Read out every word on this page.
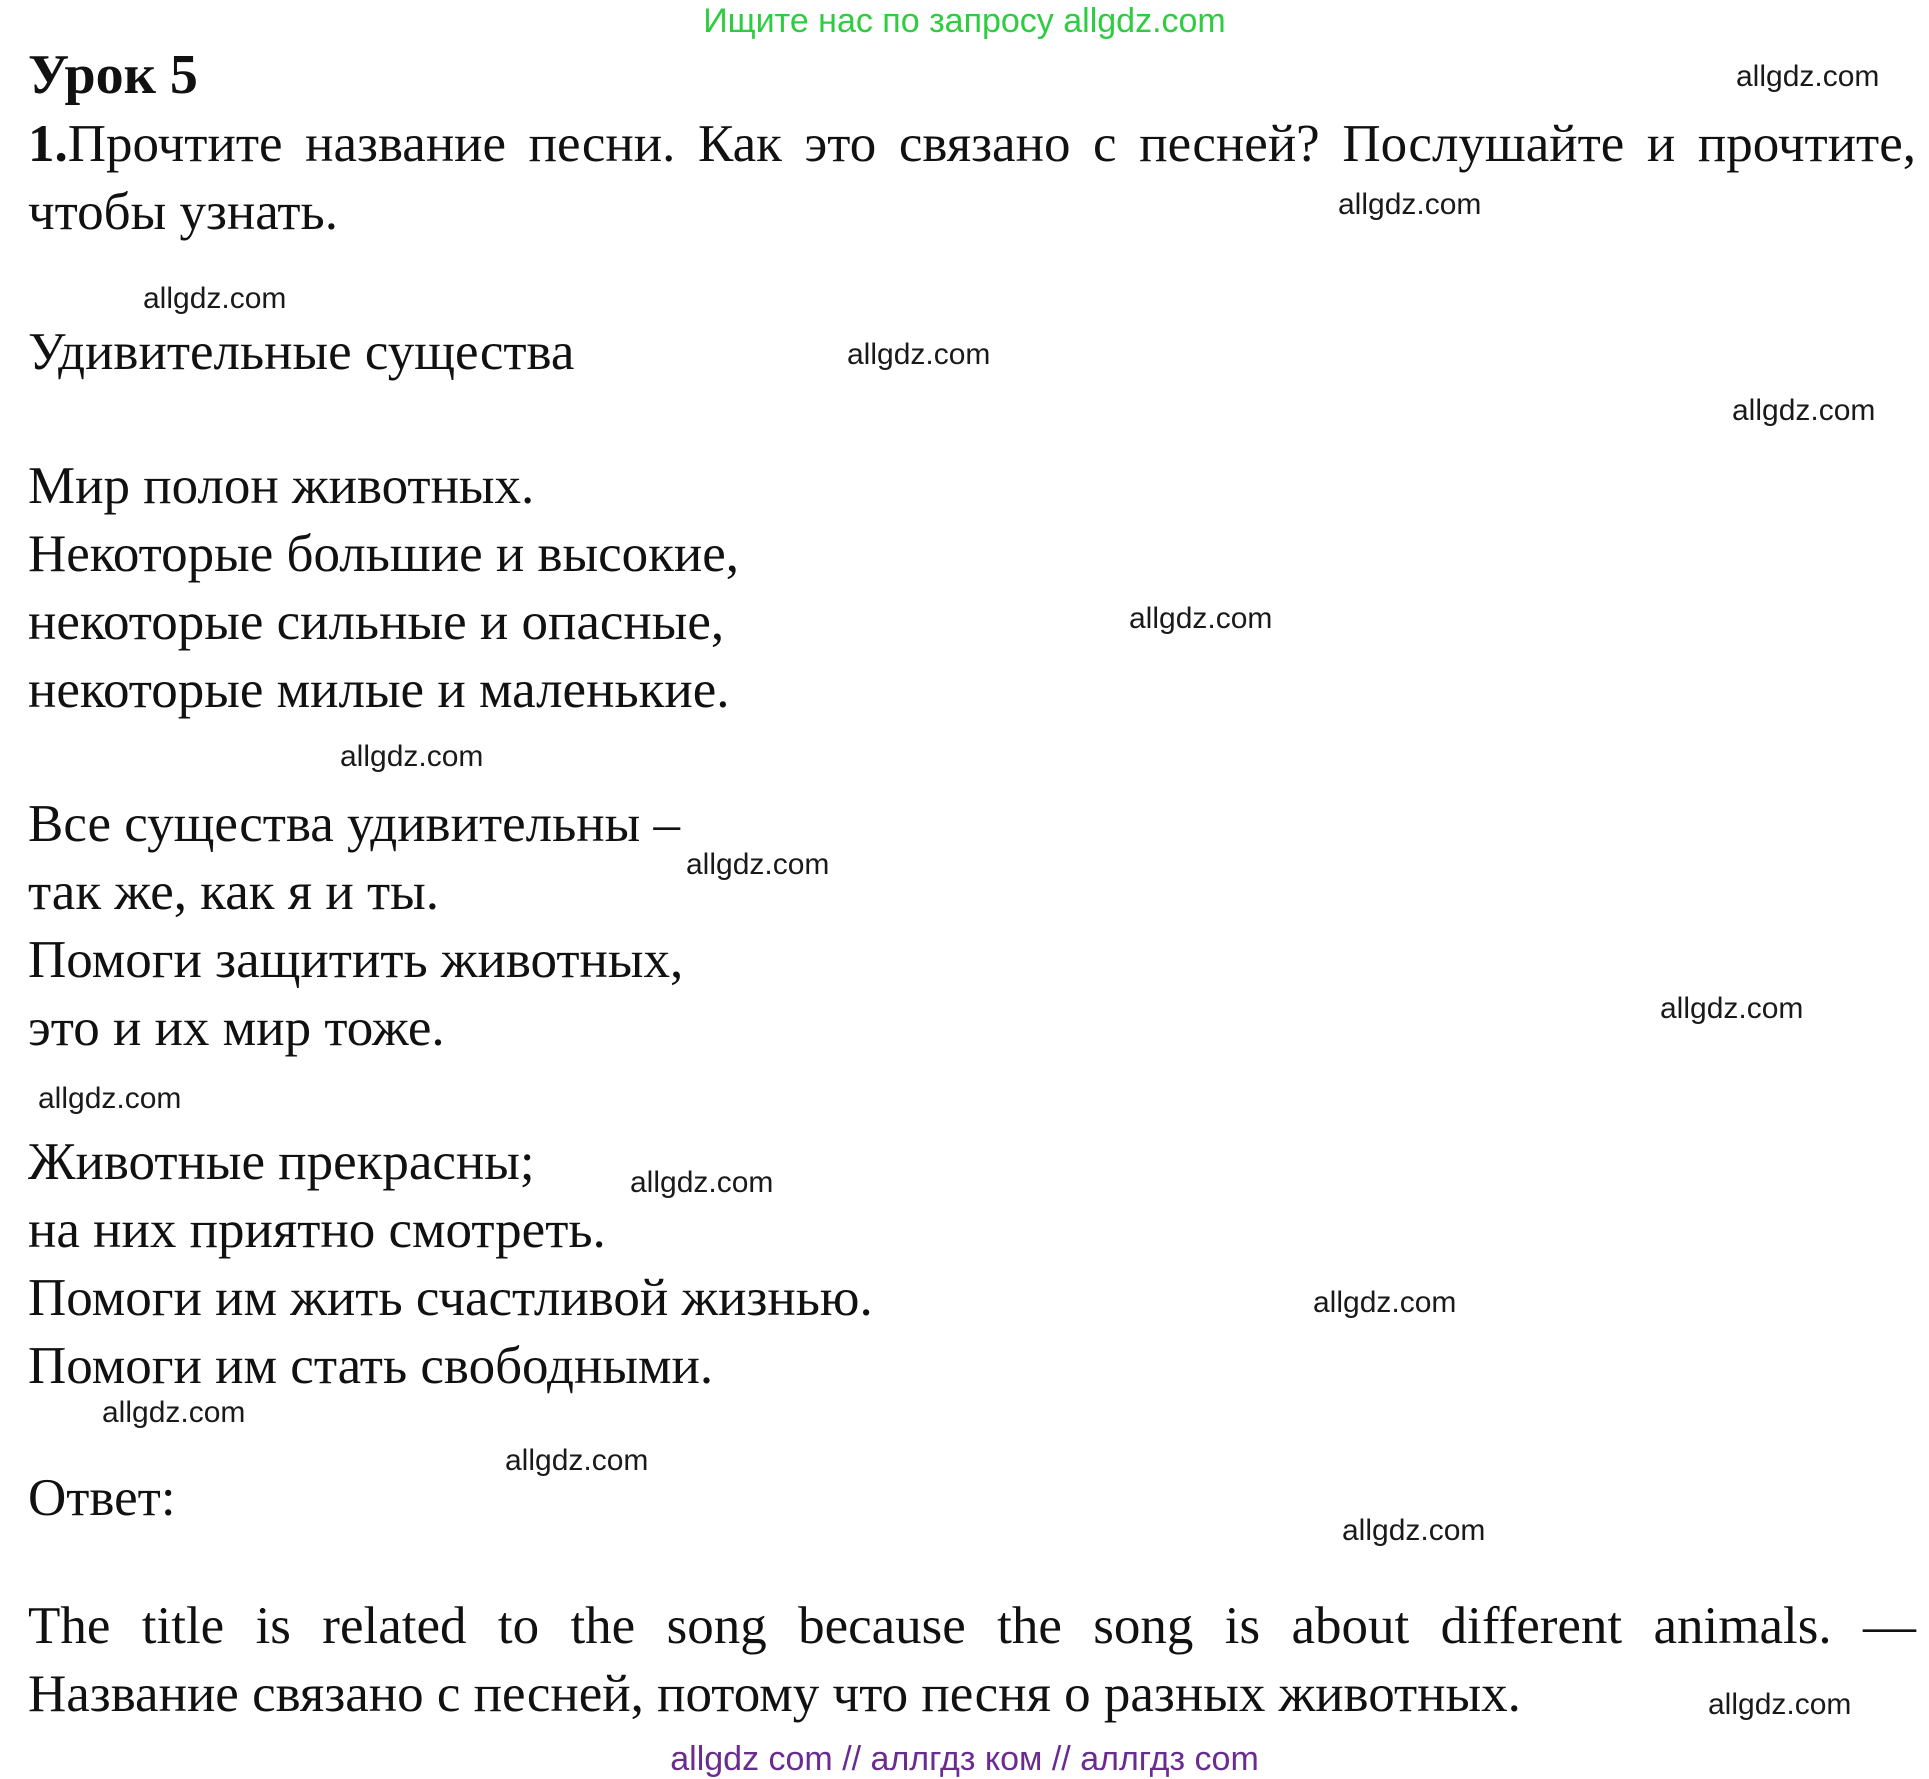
Ищите нас по запросу allgdz.com
Урок 5
1.Прочтите название песни. Как это связано с песней? Послушайте и прочтите, чтобы узнать.
Удивительные существа
Мир полон животных.
Некоторые большие и высокие,
некоторые сильные и опасные,
некоторые милые и маленькие.
Все существа удивительны –
так же, как я и ты.
Помоги защитить животных,
это и их мир тоже.
Животные прекрасны;
на них приятно смотреть.
Помоги им жить счастливой жизнью.
Помоги им стать свободными.
Ответ:
The title is related to the song because the song is about different animals. —
Название связано с песней, потому что песня о разных животных.
allgdz.com
allgdz.com
allgdz.com
allgdz.com
allgdz.com
allgdz.com
allgdz.com
allgdz.com
allgdz.com
allgdz.com
allgdz.com
allgdz.com
allgdz.com
allgdz.com
allgdz.com
allgdz.com
allgdz com // аллгдз ком // аллгдз com
